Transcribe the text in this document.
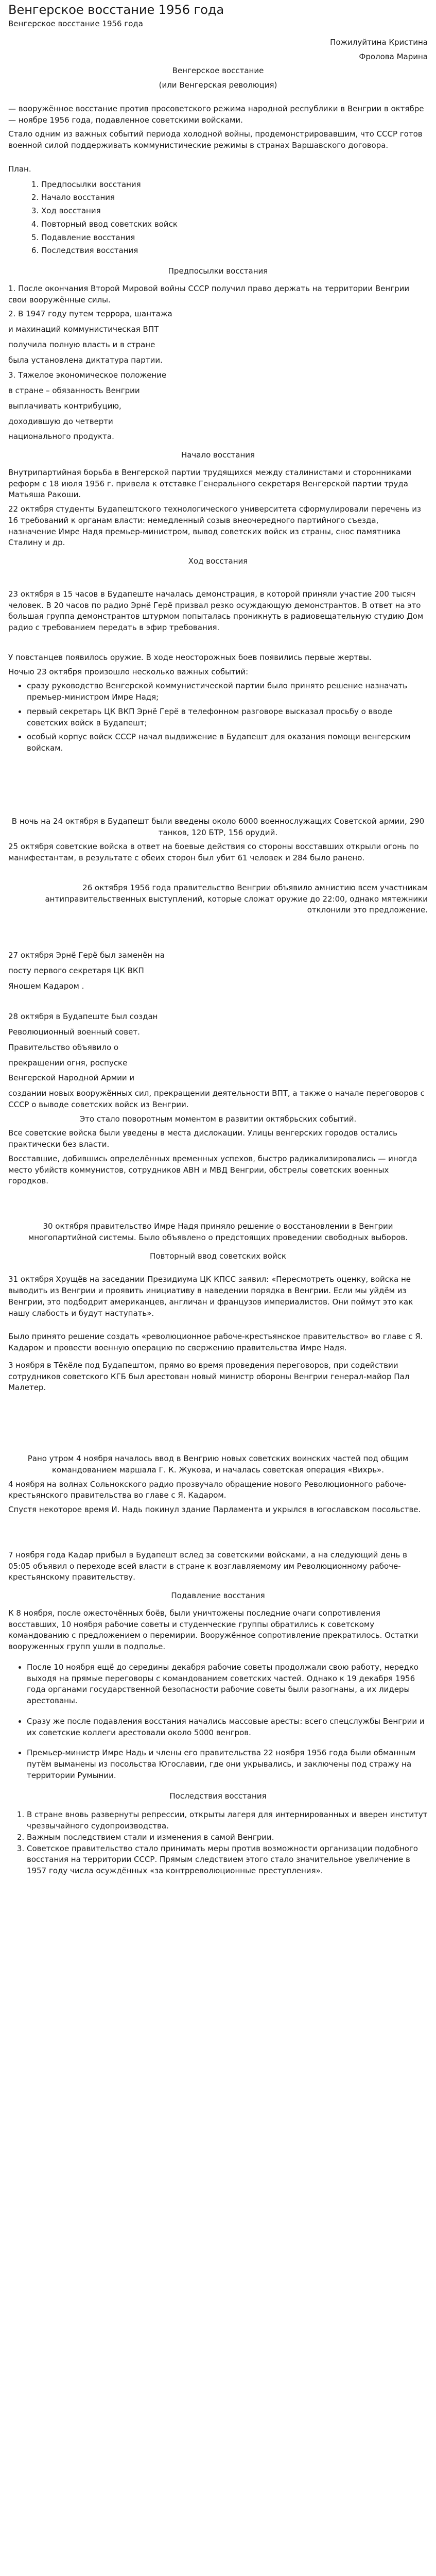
Венгерское восстание 1956 года

Венгерское восстание 1956 года

Пожилуйтина Кристина

Фролова Марина

Венгерское восстание

(или Венгерская революция)

— вооружённое восстание против просоветского режима народной республики в Венгрии в октябре — ноябре 1956 года, подавленное советскими войсками.

Стало одним из важных событий периода холодной войны, продемонстрировавшим, что СССР готов военной силой поддерживать коммунистические режимы в странах Варшавского договора.

План.

1. Предпосылки восстания
2. Начало восстания
3. Ход восстания
4. Повторный ввод советских войск
5. Подавление восстания
6. Последствия восстания

Предпосылки восстания

1. После окончания Второй Мировой войны СССР получил право держать на территории Венгрии свои вооружённые силы.

2. В 1947 году путем террора, шантажа

и махинаций коммунистическая ВПТ

получила полную власть и в стране

была установлена диктатура партии.

3. Тяжелое экономическое положение

в стране – обязанность Венгрии

выплачивать контрибуцию,

доходившую до четверти

национального продукта.

Начало восстания

Внутрипартийная борьба в Венгерской партии трудящихся между сталинистами и сторонниками реформ с 18 июля 1956 г. привела к отставке Генерального секретаря Венгерской партии труда Матьяша Ракоши.

22 октября студенты Будапештского технологического университета сформулировали перечень из 16 требований к органам власти: немедленный созыв внеочередного партийного съезда, назначение Имре Надя премьер-министром, вывод советских войск из страны, снос памятника Сталину и др.

Ход восстания

23 октября в 15 часов в Будапеште началась демонстрация, в которой приняли участие 200 тысяч человек. В 20 часов по радио Эрнё Герё призвал резко осуждающую демонстрантов. В ответ на это большая группа демонстрантов штурмом попыталась проникнуть в радиовещательную студию Дом радио с требованием передать в эфир требования.

У повстанцев появилось оружие. В ходе неосторожных боев появились первые жертвы.

Ночью 23 октября произошло несколько важных событий:

• сразу руководство Венгерской коммунистической партии было принято решение назначать премьер-министром Имре Надя;
• первый секретарь ЦК ВКП Эрнё Герё в телефонном разговоре высказал просьбу о вводе советских войск в Будапешт;
• особый корпус войск СССР начал выдвижение в Будапешт для оказания помощи венгерским войскам.

В ночь на 24 октября в Будапешт были введены около 6000 военнослужащих Советской армии, 290 танков, 120 БТР, 156 орудий.

25 октября советские войска в ответ на боевые действия со стороны восставших открыли огонь по манифестантам, в результате с обеих сторон был убит 61 человек и 284 было ранено.

26 октября 1956 года правительство Венгрии объявило амнистию всем участникам антиправительственных выступлений, которые сложат оружие до 22:00, однако мятежники отклонили это предложение.

27 октября Эрнё Герё был заменён на

посту первого секретаря ЦК ВКП

Яношем Кадаром .

28 октября в Будапеште был создан

Революционный военный совет.

Правительство объявило о

прекращении огня, роспуске

Венгерской Народной Армии и

создании новых вооружённых сил, прекращении деятельности ВПТ, а также о начале переговоров с СССР о выводе советских войск из Венгрии.

Это стало поворотным моментом в развитии октябрьских событий.

Все советские войска были уведены в места дислокации. Улицы венгерских городов остались практически без власти.

Восставшие, добившись определённых временных успехов, быстро радикализировались — иногда место убийств коммунистов, сотрудников АВН и МВД Венгрии, обстрелы советских военных городков.

30 октября правительство Имре Надя приняло решение о восстановлении в Венгрии многопартийной системы. Было объявлено о предстоящих проведении свободных выборов.

Повторный ввод советских войск

31 октября Хрущёв на заседании Президиума ЦК КПСС заявил: «Пересмотреть оценку, войска не выводить из Венгрии и проявить инициативу в наведении порядка в Венгрии. Если мы уйдём из Венгрии, это подбодрит американцев, англичан и французов империалистов. Они поймут это как нашу слабость и будут наступать».

Было принято решение создать «революционное рабоче-крестьянское правительство» во главе с Я. Кадаром и провести военную операцию по свержению правительства Имре Надя.

3 ноября в Тёкёле под Будапештом, прямо во время проведения переговоров, при содействии сотрудников советского КГБ был арестован новый министр обороны Венгрии генерал-майор Пал Малетер.

Рано утром 4 ноября началось ввод в Венгрию новых советских воинских частей под общим командованием маршала Г. К. Жукова, и началась советская операция «Вихрь».

4 ноября на волнах Сольнокского радио прозвучало обращение нового Революционного рабоче-крестьянского правительства во главе с Я. Кадаром.

Спустя некоторое время И. Надь покинул здание Парламента и укрылся в югославском посольстве.

7 ноября года Кадар прибыл в Будапешт вслед за советскими войсками, а на следующий день в 05:05 объявил о переходе всей власти в стране к возглавляемому им Революционному рабоче-крестьянскому правительству.

Подавление восстания

К 8 ноября, после ожесточённых боёв, были уничтожены последние очаги сопротивления восставших, 10 ноября рабочие советы и студенческие группы обратились к советскому командованию с предложением о перемирии. Вооружённое сопротивление прекратилось. Остатки вооруженных групп ушли в подполье.

• После 10 ноября ещё до середины декабря рабочие советы продолжали свою работу, нередко выходя на прямые переговоры с командованием советских частей. Однако к 19 декабря 1956 года органами государственной безопасности рабочие советы были разогнаны, а их лидеры арестованы.
• Сразу же после подавления восстания начались массовые аресты: всего спецслужбы Венгрии и их советские коллеги арестовали около 5000 венгров.
• Премьер-министр Имре Надь и члены его правительства 22 ноября 1956 года были обманным путём выманены из посольства Югославии, где они укрывались, и заключены под стражу на территории Румынии.

Последствия восстания

1. В стране вновь развернуты репрессии, открыты лагеря для интернированных и вверен институт чрезвычайного судопроизводства.
2. Важным последствием стали и изменения в самой Венгрии.
3. Советское правительство стало принимать меры против возможности организации подобного восстания на территории СССР. Прямым следствием этого стало значительное увеличение в 1957 году числа осуждённых «за контрреволюционные преступления».
